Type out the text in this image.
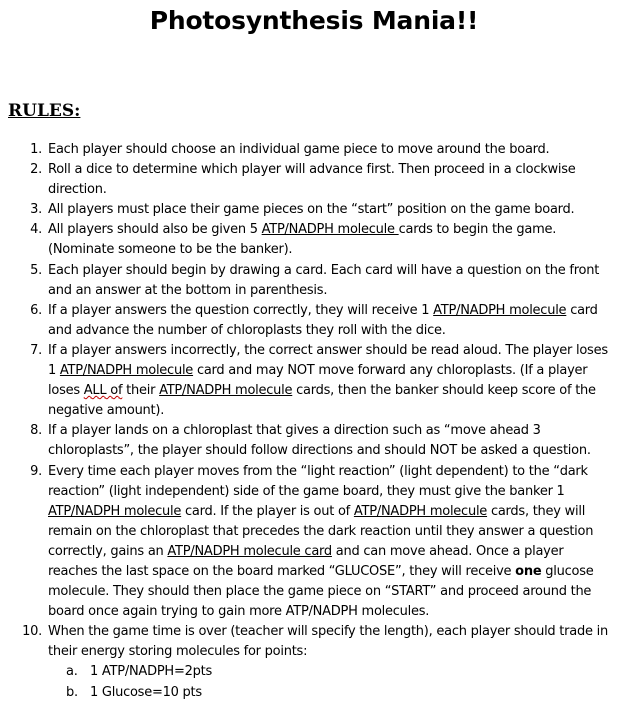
Photosynthesis Mania!!
RULES:
1. Each player should choose an individual game piece to move around the board.
2. Roll a dice to determine which player will advance first. Then proceed in a clockwise direction.
3. All players must place their game pieces on the “start” position on the game board.
4. All players should also be given 5 ATP/NADPH molecule cards to begin the game. (Nominate someone to be the banker).
5. Each player should begin by drawing a card. Each card will have a question on the front and an answer at the bottom in parenthesis.
6. If a player answers the question correctly, they will receive 1 ATP/NADPH molecule card and advance the number of chloroplasts they roll with the dice.
7. If a player answers incorrectly, the correct answer should be read aloud. The player loses 1 ATP/NADPH molecule card and may NOT move forward any chloroplasts. (If a player loses ALL of their ATP/NADPH molecule cards, then the banker should keep score of the negative amount).
8. If a player lands on a chloroplast that gives a direction such as “move ahead 3 chloroplasts”, the player should follow directions and should NOT be asked a question.
9. Every time each player moves from the “light reaction” (light dependent) to the “dark reaction” (light independent) side of the game board, they must give the banker 1 ATP/NADPH molecule card. If the player is out of ATP/NADPH molecule cards, they will remain on the chloroplast that precedes the dark reaction until they answer a question correctly, gains an ATP/NADPH molecule card and can move ahead. Once a player reaches the last space on the board marked “GLUCOSE”, they will receive one glucose molecule. They should then place the game piece on “START” and proceed around the board once again trying to gain more ATP/NADPH molecules.
10. When the game time is over (teacher will specify the length), each player should trade in their energy storing molecules for points:
a. 1 ATP/NADPH=2pts
b. 1 Glucose=10 pts
